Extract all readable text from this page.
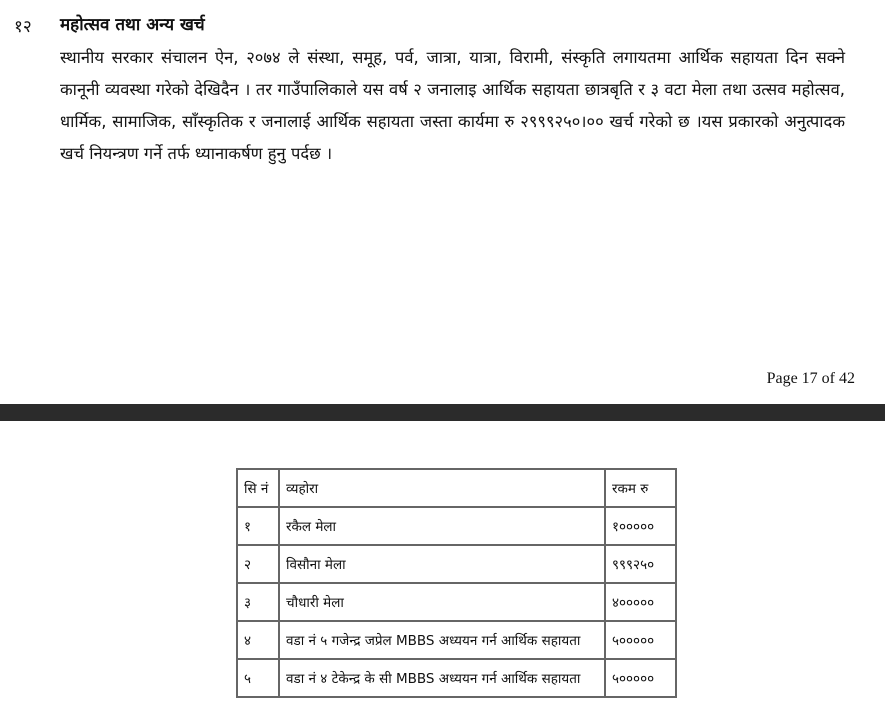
१२ महोत्सव तथा अन्य खर्च
स्थानीय सरकार संचालन ऐन, २०७४ ले संस्था, समूह, पर्व, जात्रा, यात्रा, विरामी, संस्कृति लगायतमा आर्थिक सहायता दिन सक्ने कानूनी व्यवस्था गरेको देखिदैन । तर गाउँपालिकाले यस वर्ष २ जनालाइ आर्थिक सहायता छात्रबृति र ३ वटा मेला तथा उत्सव महोत्सव, धार्मिक, सामाजिक, साँस्कृतिक र जनालाई आर्थिक सहायता जस्ता कार्यमा रु २९९९२५०।०० खर्च गरेको छ ।यस प्रकारको अनुत्पादक खर्च नियन्त्रण गर्ने तर्फ ध्यानाकर्षण हुनु पर्दछ ।
Page 17 of 42
सि नं	व्यहोरा	रकम रु
१	रकैल मेला	१०००००
२	विसौना मेला	९९९२५०
३	चौधारी मेला	४०००००
४	वडा नं ५ गजेन्द्र जप्रेल MBBS अध्ययन गर्न आर्थिक सहायता	५०००००
५	वडा नं ४ टेकेन्द्र के सी MBBS अध्ययन गर्न आर्थिक सहायता	५०००००
